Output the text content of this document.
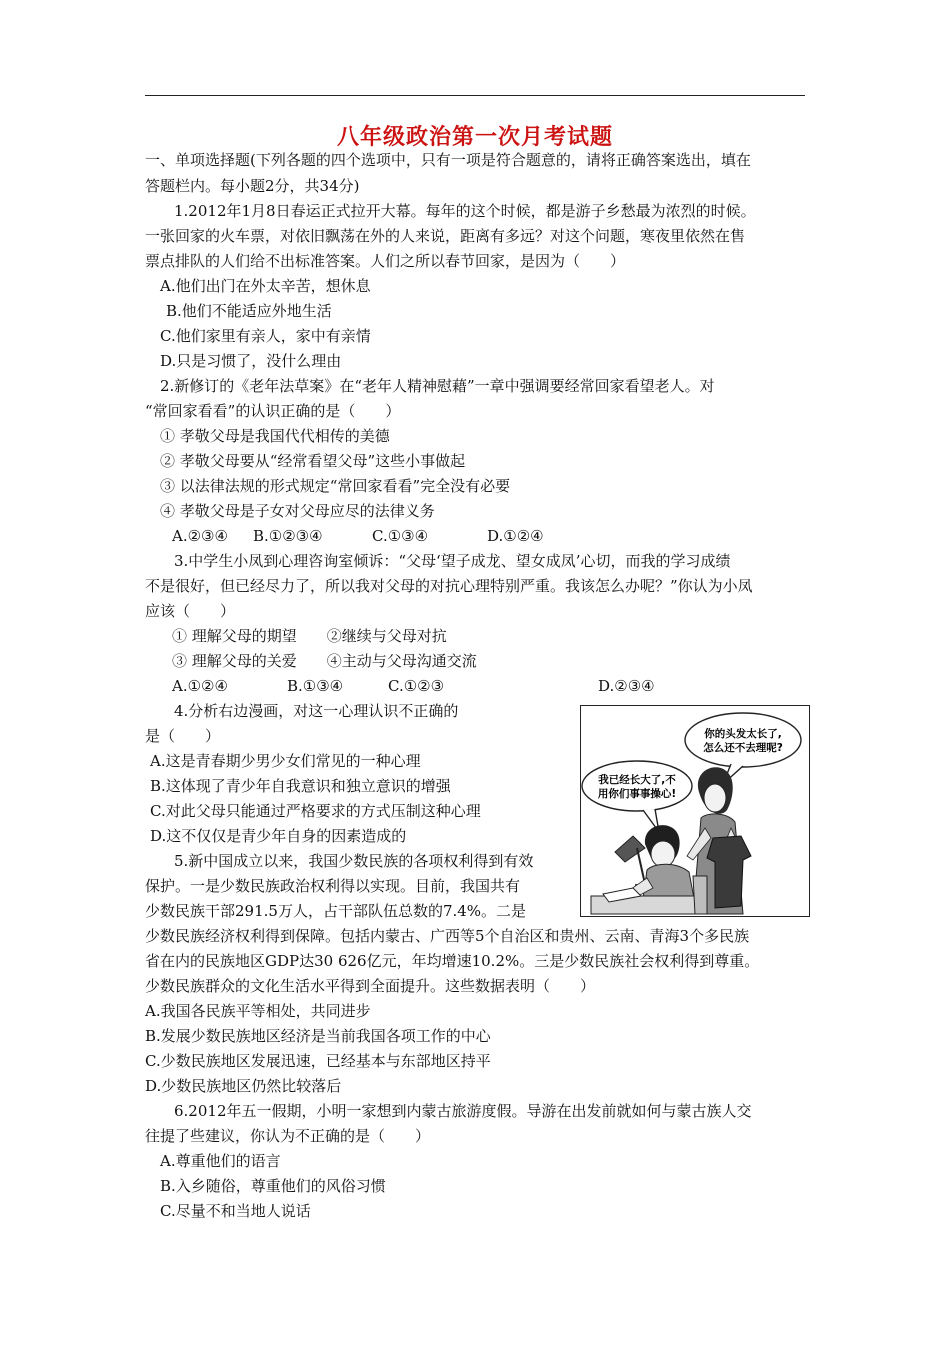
八年级政治第一次月考试题
一、单项选择题(下列各题的四个选项中，只有一项是符合题意的，请将正确答案选出，填在
答题栏内。每小题2分，共34分)
1.2012年1月8日春运正式拉开大幕。每年的这个时候，都是游子乡愁最为浓烈的时候。
一张回家的火车票，对依旧飘荡在外的人来说，距离有多远？对这个问题，寒夜里依然在售
票点排队的人们给不出标准答案。人们之所以春节回家，是因为（　　）
A.他们出门在外太辛苦，想休息
B.他们不能适应外地生活
C.他们家里有亲人，家中有亲情
D.只是习惯了，没什么理由
2.新修订的《老年法草案》在“老年人精神慰藉”一章中强调要经常回家看望老人。对
“常回家看看”的认识正确的是（　　）
① 孝敬父母是我国代代相传的美德
② 孝敬父母要从“经常看望父母”这些小事做起
③ 以法律法规的形式规定“常回家看看”完全没有必要
④ 孝敬父母是子女对父母应尽的法律义务
A.②③④ B.①②③④	C.①③④	D.①②④
3.中学生小凤到心理咨询室倾诉：“父母‘望子成龙、望女成凤’心切，而我的学习成绩
不是很好，但已经尽力了，所以我对父母的对抗心理特别严重。我该怎么办呢？”你认为小凤
应该（　　）
① 理解父母的期望　　②继续与父母对抗
③ 理解父母的关爱　　④主动与父母沟通交流
A.①②④	B.①③④	C.①②③	D.②③④
4.分析右边漫画，对这一心理认识不正确的
是（　　）
A.这是青春期少男少女们常见的一种心理
B.这体现了青少年自我意识和独立意识的增强
C.对此父母只能通过严格要求的方式压制这种心理
D.这不仅仅是青少年自身的因素造成的
5.新中国成立以来，我国少数民族的各项权利得到有效
保护。一是少数民族政治权利得以实现。目前，我国共有
少数民族干部291.5万人，占干部队伍总数的7.4%。二是
少数民族经济权利得到保障。包括内蒙古、广西等5个自治区和贵州、云南、青海3个多民族
省在内的民族地区GDP达30 626亿元，年均增速10.2%。三是少数民族社会权利得到尊重。
少数民族群众的文化生活水平得到全面提升。这些数据表明（　　）
A.我国各民族平等相处，共同进步
B.发展少数民族地区经济是当前我国各项工作的中心
C.少数民族地区发展迅速，已经基本与东部地区持平
D.少数民族地区仍然比较落后
6.2012年五一假期，小明一家想到内蒙古旅游度假。导游在出发前就如何与蒙古族人交
往提了些建议，你认为不正确的是（　　）
A.尊重他们的语言
B.入乡随俗，尊重他们的风俗习惯
C.尽量不和当地人说话
你的头发太长了,
怎么还不去理呢?
我已经长大了,不
用你们事事操心!
